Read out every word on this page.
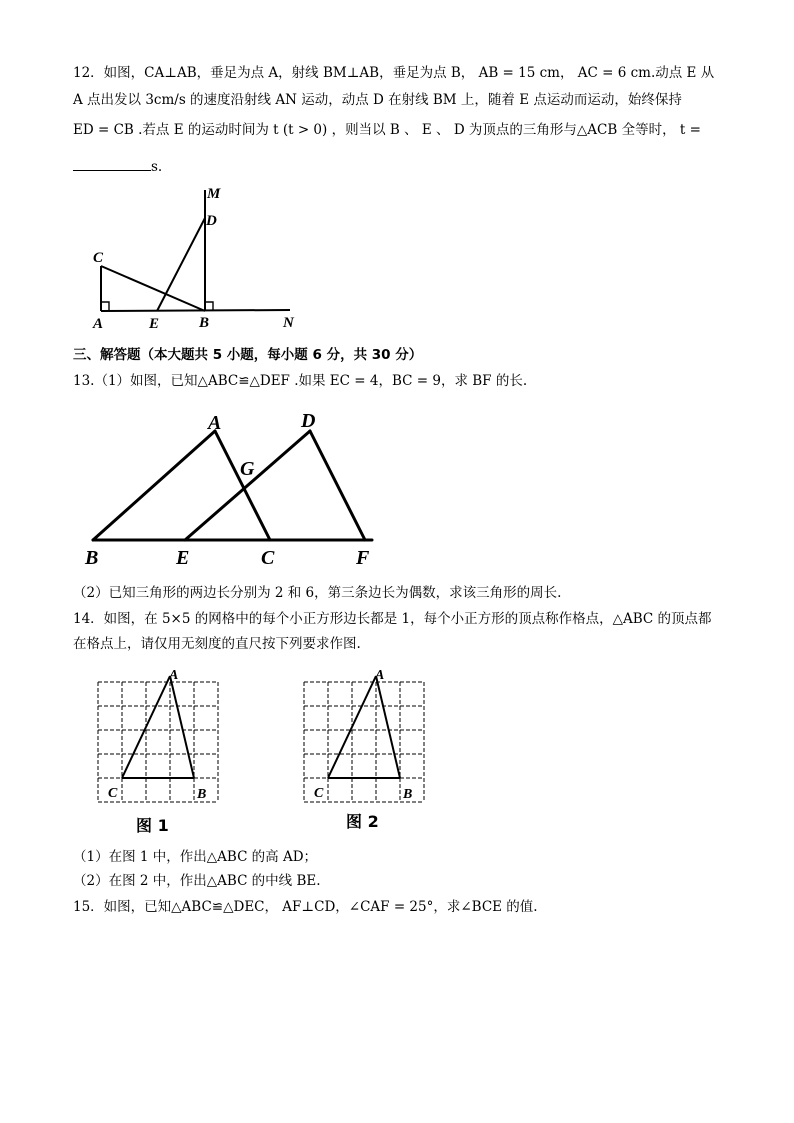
12．如图，CA⊥AB，垂足为点 A，射线 BM⊥AB，垂足为点 B， AB = 15 cm， AC = 6 cm.动点 E 从
A 点出发以 3cm/s 的速度沿射线 AN 运动，动点 D 在射线 BM 上，随着 E 点运动而运动，始终保持
ED = CB .若点 E 的运动时间为 t (t > 0) ，则当以 B 、 E 、 D 为顶点的三角形与△ACB 全等时， t =
s.
M
D
C
A	E	B	N
三、解答题（本大题共 5 小题，每小题 6 分，共 30 分）
13.（1）如图，已知△ABC≌△DEF .如果 EC = 4，BC = 9，求 BF 的长.
A	D
G
B	E	C	F
（2）已知三角形的两边长分别为 2 和 6，第三条边长为偶数，求该三角形的周长.
14．如图，在 5×5 的网格中的每个小正方形边长都是 1，每个小正方形的顶点称作格点，△ABC 的顶点都
在格点上，请仅用无刻度的直尺按下列要求作图.
A
C	B
图 1
A
C	B
图 2
（1）在图 1 中，作出△ABC 的高 AD；
（2）在图 2 中，作出△ABC 的中线 BE.
15．如图，已知△ABC≌△DEC， AF⊥CD，∠CAF = 25°，求∠BCE 的值.
